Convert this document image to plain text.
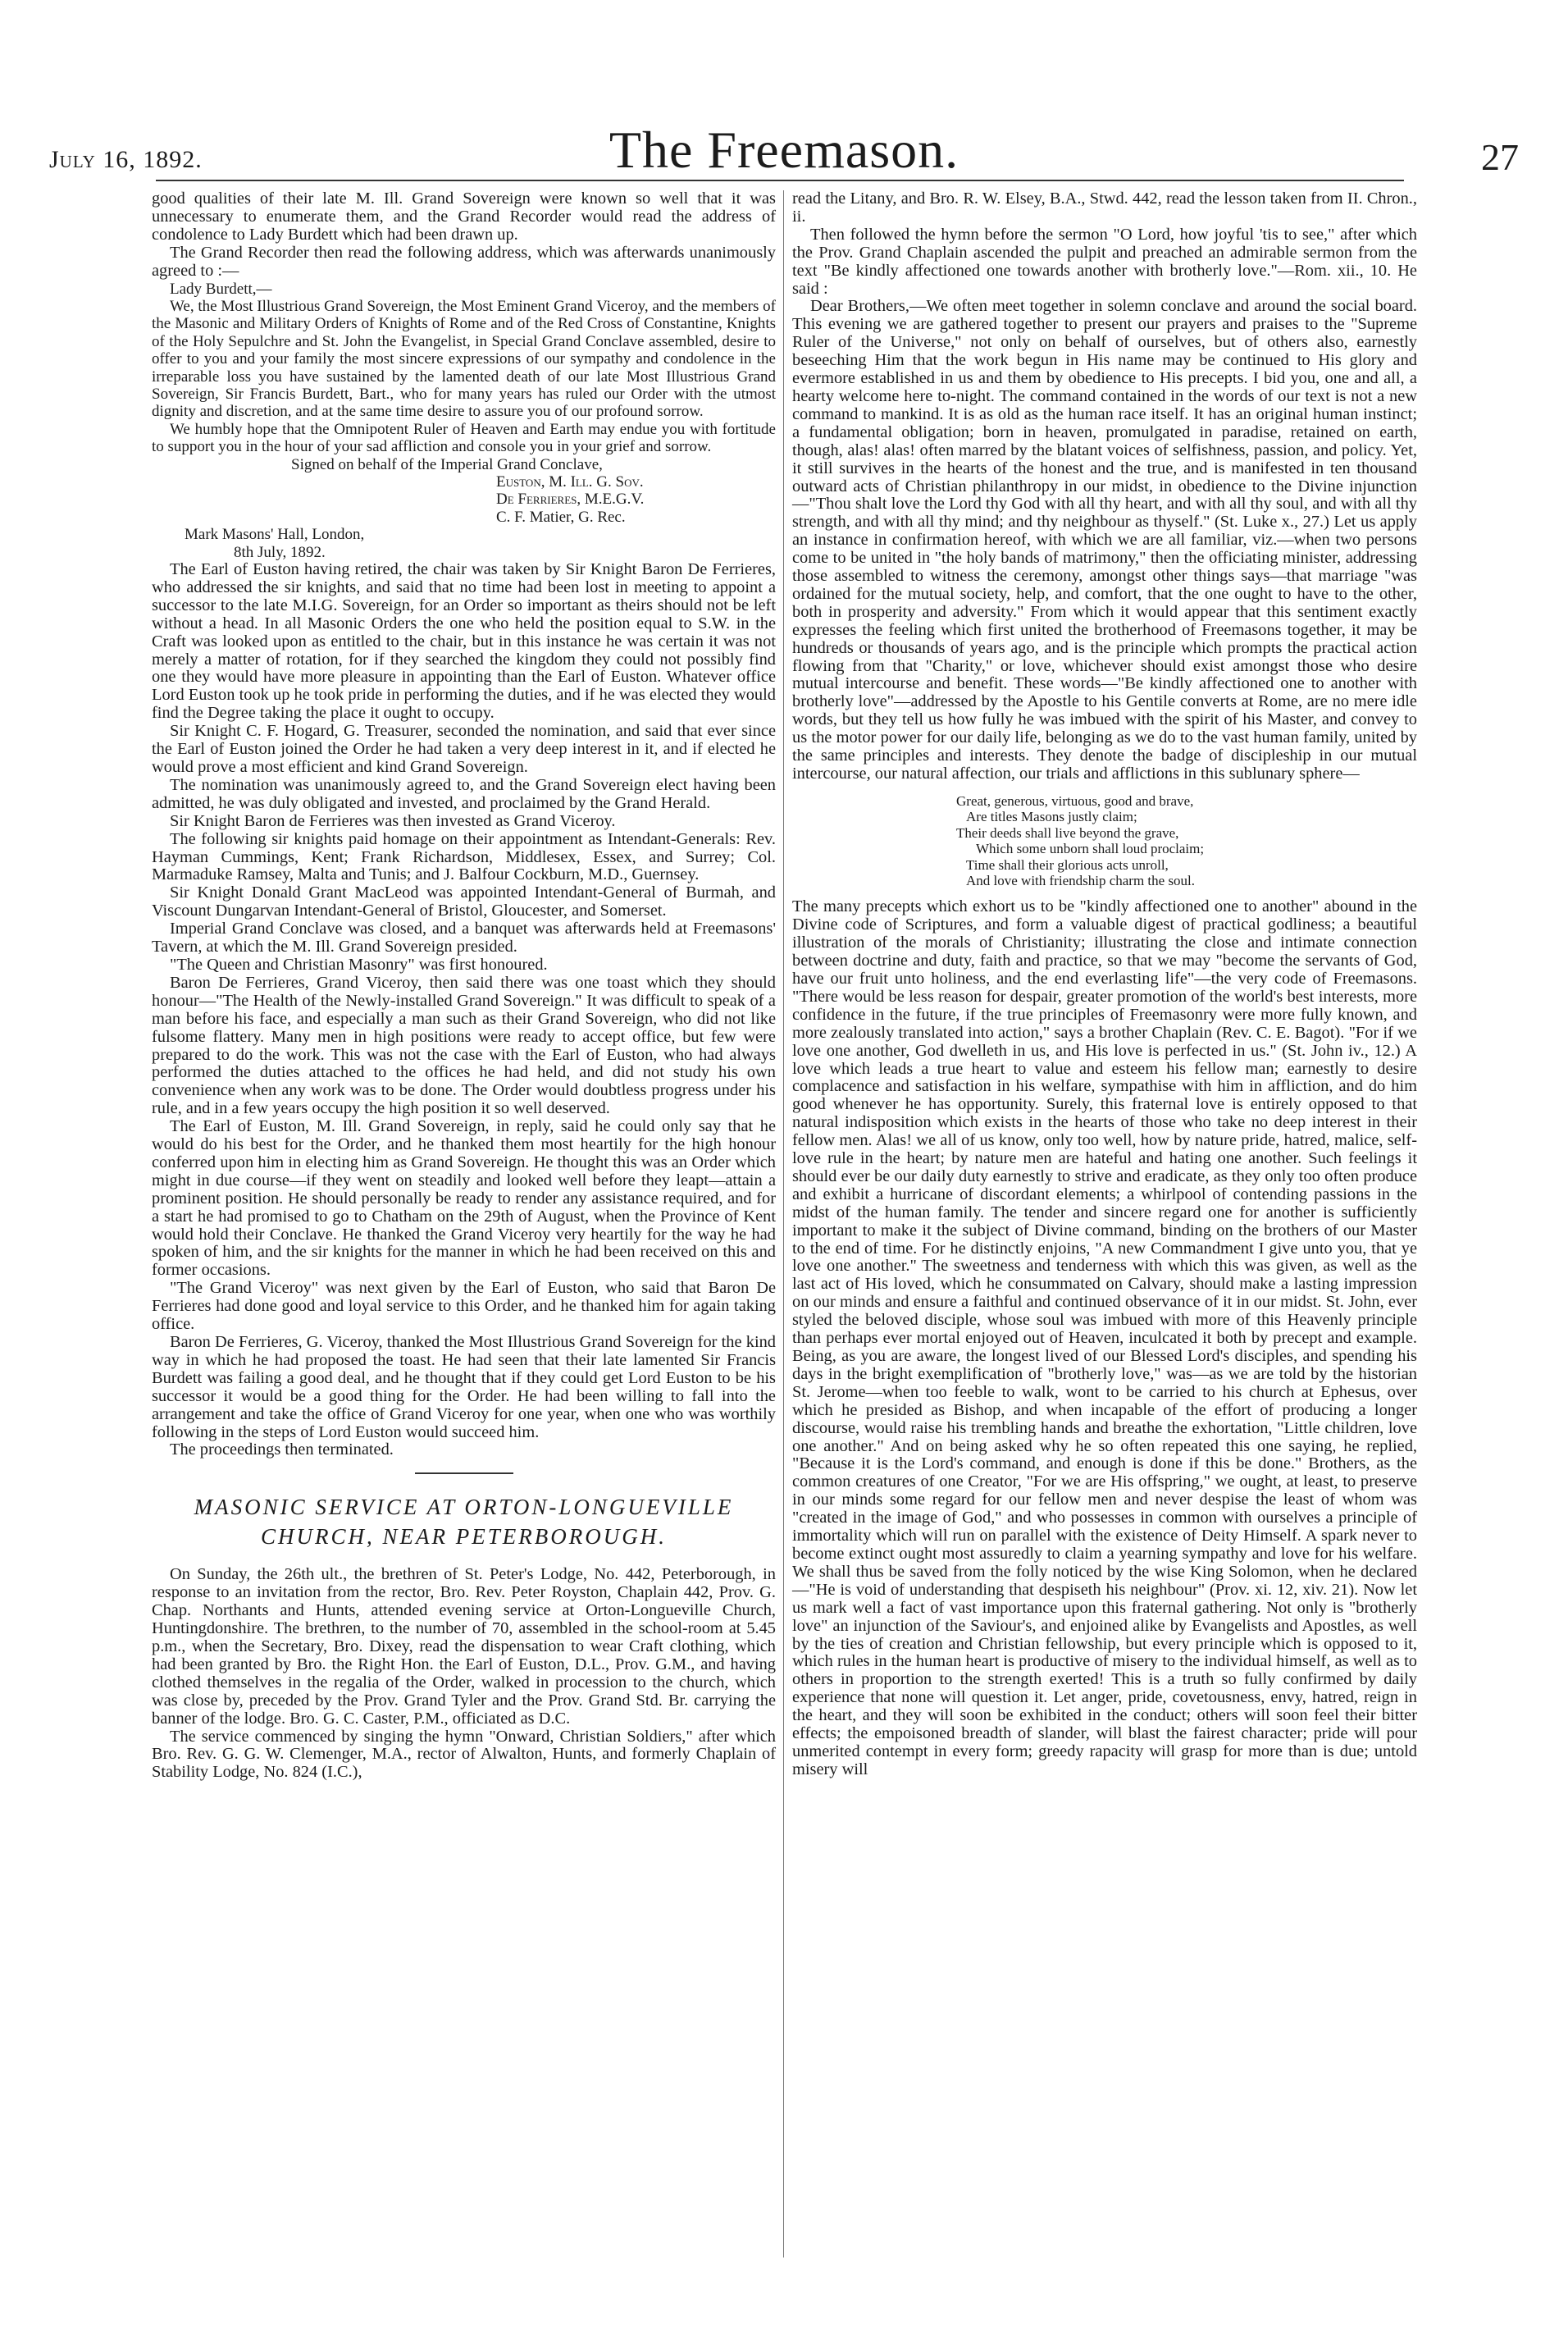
July 16, 1892.	The Freemason.	27

good qualities of their late M. Ill. Grand Sovereign were known so well that it was unnecessary to enumerate them, and the Grand Recorder would read the address of condolence to Lady Burdett which had been drawn up.

The Grand Recorder then read the following address, which was afterwards unanimously agreed to :—

Lady Burdett,—

We, the Most Illustrious Grand Sovereign, the Most Eminent Grand Viceroy, and the members of the Masonic and Military Orders of Knights of Rome and of the Red Cross of Constantine, Knights of the Holy Sepulchre and St. John the Evangelist, in Special Grand Conclave assembled, desire to offer to you and your family the most sincere expressions of our sympathy and condolence in the irreparable loss you have sustained by the lamented death of our late Most Illustrious Grand Sovereign, Sir Francis Burdett, Bart., who for many years has ruled our Order with the utmost dignity and discretion, and at the same time desire to assure you of our profound sorrow.

We humbly hope that the Omnipotent Ruler of Heaven and Earth may endue you with fortitude to support you in the hour of your sad affliction and console you in your grief and sorrow.

Signed on behalf of the Imperial Grand Conclave,

Euston, M. Ill. G. Sov.
De Ferrieres, M.E.G.V.
C. F. Matier, G. Rec.
Mark Masons' Hall, London,
8th July, 1892.

The Earl of Euston having retired, the chair was taken by Sir Knight Baron De Ferrieres, who addressed the sir knights, and said that no time had been lost in meeting to appoint a successor to the late M.I.G. Sovereign, for an Order so important as theirs should not be left without a head. In all Masonic Orders the one who held the position equal to S.W. in the Craft was looked upon as entitled to the chair, but in this instance he was certain it was not merely a matter of rotation, for if they searched the kingdom they could not possibly find one they would have more pleasure in appointing than the Earl of Euston. Whatever office Lord Euston took up he took pride in performing the duties, and if he was elected they would find the Degree taking the place it ought to occupy.

Sir Knight C. F. Hogard, G. Treasurer, seconded the nomination, and said that ever since the Earl of Euston joined the Order he had taken a very deep interest in it, and if elected he would prove a most efficient and kind Grand Sovereign.

The nomination was unanimously agreed to, and the Grand Sovereign elect having been admitted, he was duly obligated and invested, and proclaimed by the Grand Herald.

Sir Knight Baron de Ferrieres was then invested as Grand Viceroy.

The following sir knights paid homage on their appointment as Intendant-Generals: Rev. Hayman Cummings, Kent; Frank Richardson, Middlesex, Essex, and Surrey; Col. Marmaduke Ramsey, Malta and Tunis; and J. Balfour Cockburn, M.D., Guernsey.

Sir Knight Donald Grant MacLeod was appointed Intendant-General of Burmah, and Viscount Dungarvan Intendant-General of Bristol, Gloucester, and Somerset.

Imperial Grand Conclave was closed, and a banquet was afterwards held at Freemasons' Tavern, at which the M. Ill. Grand Sovereign presided.

"The Queen and Christian Masonry" was first honoured.

Baron De Ferrieres, Grand Viceroy, then said there was one toast which they should honour—"The Health of the Newly-installed Grand Sovereign." It was difficult to speak of a man before his face, and especially a man such as their Grand Sovereign, who did not like fulsome flattery. Many men in high positions were ready to accept office, but few were prepared to do the work. This was not the case with the Earl of Euston, who had always performed the duties attached to the offices he had held, and did not study his own convenience when any work was to be done. The Order would doubtless progress under his rule, and in a few years occupy the high position it so well deserved.

The Earl of Euston, M. Ill. Grand Sovereign, in reply, said he could only say that he would do his best for the Order, and he thanked them most heartily for the high honour conferred upon him in electing him as Grand Sovereign. He thought this was an Order which might in due course—if they went on steadily and looked well before they leapt—attain a prominent position. He should personally be ready to render any assistance required, and for a start he had promised to go to Chatham on the 29th of August, when the Province of Kent would hold their Conclave. He thanked the Grand Viceroy very heartily for the way he had spoken of him, and the sir knights for the manner in which he had been received on this and former occasions.

"The Grand Viceroy" was next given by the Earl of Euston, who said that Baron De Ferrieres had done good and loyal service to this Order, and he thanked him for again taking office.

Baron De Ferrieres, G. Viceroy, thanked the Most Illustrious Grand Sovereign for the kind way in which he had proposed the toast. He had seen that their late lamented Sir Francis Burdett was failing a good deal, and he thought that if they could get Lord Euston to be his successor it would be a good thing for the Order. He had been willing to fall into the arrangement and take the office of Grand Viceroy for one year, when one who was worthily following in the steps of Lord Euston would succeed him.

The proceedings then terminated.

MASONIC SERVICE AT ORTON-LONGUEVILLE CHURCH, NEAR PETERBOROUGH.

On Sunday, the 26th ult., the brethren of St. Peter's Lodge, No. 442, Peterborough, in response to an invitation from the rector, Bro. Rev. Peter Royston, Chaplain 442, Prov. G. Chap. Northants and Hunts, attended evening service at Orton-Longueville Church, Huntingdonshire. The brethren, to the number of 70, assembled in the school-room at 5.45 p.m., when the Secretary, Bro. Dixey, read the dispensation to wear Craft clothing, which had been granted by Bro. the Right Hon. the Earl of Euston, D.L., Prov. G.M., and having clothed themselves in the regalia of the Order, walked in procession to the church, which was close by, preceded by the Prov. Grand Tyler and the Prov. Grand Std. Br. carrying the banner of the lodge. Bro. G. C. Caster, P.M., officiated as D.C.

The service commenced by singing the hymn "Onward, Christian Soldiers," after which Bro. Rev. G. G. W. Clemenger, M.A., rector of Alwalton, Hunts, and formerly Chaplain of Stability Lodge, No. 824 (I.C.),

read the Litany, and Bro. R. W. Elsey, B.A., Stwd. 442, read the lesson taken from II. Chron., ii.

Then followed the hymn before the sermon "O Lord, how joyful 'tis to see," after which the Prov. Grand Chaplain ascended the pulpit and preached an admirable sermon from the text "Be kindly affectioned one towards another with brotherly love."—Rom. xii., 10. He said :

Dear Brothers,—We often meet together in solemn conclave and around the social board. This evening we are gathered together to present our prayers and praises to the "Supreme Ruler of the Universe," not only on behalf of ourselves, but of others also, earnestly beseeching Him that the work begun in His name may be continued to His glory and evermore established in us and them by obedience to His precepts. I bid you, one and all, a hearty welcome here to-night. The command contained in the words of our text is not a new command to mankind. It is as old as the human race itself. It has an original human instinct; a fundamental obligation; born in heaven, promulgated in paradise, retained on earth, though, alas! alas! often marred by the blatant voices of selfishness, passion, and policy. Yet, it still survives in the hearts of the honest and the true, and is manifested in ten thousand outward acts of Christian philanthropy in our midst, in obedience to the Divine injunction—"Thou shalt love the Lord thy God with all thy heart, and with all thy soul, and with all thy strength, and with all thy mind; and thy neighbour as thyself." (St. Luke x., 27.) Let us apply an instance in confirmation hereof, with which we are all familiar, viz.—when two persons come to be united in "the holy bands of matrimony," then the officiating minister, addressing those assembled to witness the ceremony, amongst other things says—that marriage "was ordained for the mutual society, help, and comfort, that the one ought to have to the other, both in prosperity and adversity." From which it would appear that this sentiment exactly expresses the feeling which first united the brotherhood of Freemasons together, it may be hundreds or thousands of years ago, and is the principle which prompts the practical action flowing from that "Charity," or love, whichever should exist amongst those who desire mutual intercourse and benefit. These words—"Be kindly affectioned one to another with brotherly love"—addressed by the Apostle to his Gentile converts at Rome, are no mere idle words, but they tell us how fully he was imbued with the spirit of his Master, and convey to us the motor power for our daily life, belonging as we do to the vast human family, united by the same principles and interests. They denote the badge of discipleship in our mutual intercourse, our natural affection, our trials and afflictions in this sublunary sphere—

Great, generous, virtuous, good and brave,
Are titles Masons justly claim;
Their deeds shall live beyond the grave,
Which some unborn shall loud proclaim;
Time shall their glorious acts unroll,
And love with friendship charm the soul.

The many precepts which exhort us to be "kindly affectioned one to another" abound in the Divine code of Scriptures, and form a valuable digest of practical godliness; a beautiful illustration of the morals of Christianity; illustrating the close and intimate connection between doctrine and duty, faith and practice, so that we may "become the servants of God, have our fruit unto holiness, and the end everlasting life"—the very code of Freemasons. "There would be less reason for despair, greater promotion of the world's best interests, more confidence in the future, if the true principles of Freemasonry were more fully known, and more zealously translated into action," says a brother Chaplain (Rev. C. E. Bagot). "For if we love one another, God dwelleth in us, and His love is perfected in us." (St. John iv., 12.) A love which leads a true heart to value and esteem his fellow man; earnestly to desire complacence and satisfaction in his welfare, sympathise with him in affliction, and do him good whenever he has opportunity. Surely, this fraternal love is entirely opposed to that natural indisposition which exists in the hearts of those who take no deep interest in their fellow men. Alas! we all of us know, only too well, how by nature pride, hatred, malice, self-love rule in the heart; by nature men are hateful and hating one another. Such feelings it should ever be our daily duty earnestly to strive and eradicate, as they only too often produce and exhibit a hurricane of discordant elements; a whirlpool of contending passions in the midst of the human family. The tender and sincere regard one for another is sufficiently important to make it the subject of Divine command, binding on the brothers of our Master to the end of time. For he distinctly enjoins, "A new Commandment I give unto you, that ye love one another." The sweetness and tenderness with which this was given, as well as the last act of His loved, which he consummated on Calvary, should make a lasting impression on our minds and ensure a faithful and continued observance of it in our midst. St. John, ever styled the beloved disciple, whose soul was imbued with more of this Heavenly principle than perhaps ever mortal enjoyed out of Heaven, inculcated it both by precept and example. Being, as you are aware, the longest lived of our Blessed Lord's disciples, and spending his days in the bright exemplification of "brotherly love," was—as we are told by the historian St. Jerome—when too feeble to walk, wont to be carried to his church at Ephesus, over which he presided as Bishop, and when incapable of the effort of producing a longer discourse, would raise his trembling hands and breathe the exhortation, "Little children, love one another." And on being asked why he so often repeated this one saying, he replied, "Because it is the Lord's command, and enough is done if this be done." Brothers, as the common creatures of one Creator, "For we are His offspring," we ought, at least, to preserve in our minds some regard for our fellow men and never despise the least of whom was "created in the image of God," and who possesses in common with ourselves a principle of immortality which will run on parallel with the existence of Deity Himself. A spark never to become extinct ought most assuredly to claim a yearning sympathy and love for his welfare. We shall thus be saved from the folly noticed by the wise King Solomon, when he declared—"He is void of understanding that despiseth his neighbour" (Prov. xi. 12, xiv. 21). Now let us mark well a fact of vast importance upon this fraternal gathering. Not only is "brotherly love" an injunction of the Saviour's, and enjoined alike by Evangelists and Apostles, as well by the ties of creation and Christian fellowship, but every principle which is opposed to it, which rules in the human heart is productive of misery to the individual himself, as well as to others in proportion to the strength exerted! This is a truth so fully confirmed by daily experience that none will question it. Let anger, pride, covetousness, envy, hatred, reign in the heart, and they will soon be exhibited in the conduct; others will soon feel their bitter effects; the empoisoned breadth of slander, will blast the fairest character; pride will pour unmerited contempt in every form; greedy rapacity will grasp for more than is due; untold misery will
